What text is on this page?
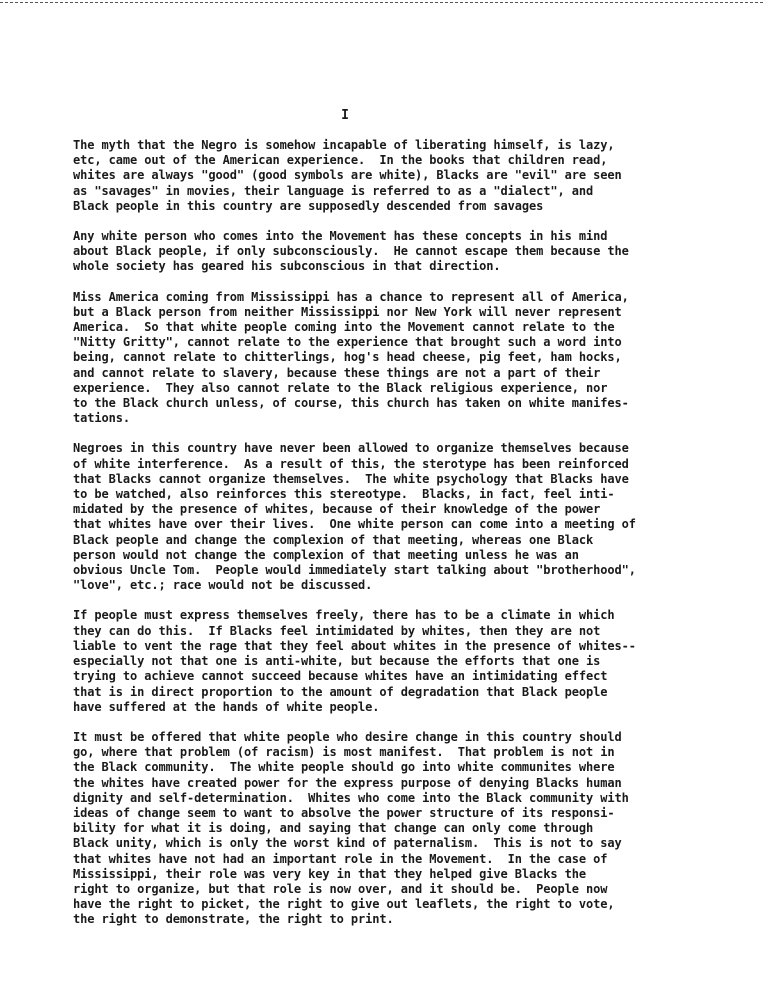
I

The myth that the Negro is somehow incapable of liberating himself, is lazy,
etc, came out of the American experience.  In the books that children read,
whites are always "good" (good symbols are white), Blacks are "evil" are seen
as "savages" in movies, their language is referred to as a "dialect", and
Black people in this country are supposedly descended from savages

Any white person who comes into the Movement has these concepts in his mind
about Black people, if only subconsciously.  He cannot escape them because the
whole society has geared his subconscious in that direction.

Miss America coming from Mississippi has a chance to represent all of America,
but a Black person from neither Mississippi nor New York will never represent
America.  So that white people coming into the Movement cannot relate to the
"Nitty Gritty", cannot relate to the experience that brought such a word into
being, cannot relate to chitterlings, hog's head cheese, pig feet, ham hocks,
and cannot relate to slavery, because these things are not a part of their
experience.  They also cannot relate to the Black religious experience, nor
to the Black church unless, of course, this church has taken on white manifes-
tations.

Negroes in this country have never been allowed to organize themselves because
of white interference.  As a result of this, the sterotype has been reinforced
that Blacks cannot organize themselves.  The white psychology that Blacks have
to be watched, also reinforces this stereotype.  Blacks, in fact, feel inti-
midated by the presence of whites, because of their knowledge of the power
that whites have over their lives.  One white person can come into a meeting of
Black people and change the complexion of that meeting, whereas one Black
person would not change the complexion of that meeting unless he was an
obvious Uncle Tom.  People would immediately start talking about "brotherhood",
"love", etc.; race would not be discussed.

If people must express themselves freely, there has to be a climate in which
they can do this.  If Blacks feel intimidated by whites, then they are not
liable to vent the rage that they feel about whites in the presence of whites--
especially not that one is anti-white, but because the efforts that one is
trying to achieve cannot succeed because whites have an intimidating effect
that is in direct proportion to the amount of degradation that Black people
have suffered at the hands of white people.

It must be offered that white people who desire change in this country should
go, where that problem (of racism) is most manifest.  That problem is not in
the Black community.  The white people should go into white communites where
the whites have created power for the express purpose of denying Blacks human
dignity and self-determination.  Whites who come into the Black community with
ideas of change seem to want to absolve the power structure of its responsi-
bility for what it is doing, and saying that change can only come through
Black unity, which is only the worst kind of paternalism.  This is not to say
that whites have not had an important role in the Movement.  In the case of
Mississippi, their role was very key in that they helped give Blacks the
right to organize, but that role is now over, and it should be.  People now
have the right to picket, the right to give out leaflets, the right to vote,
the right to demonstrate, the right to print.
